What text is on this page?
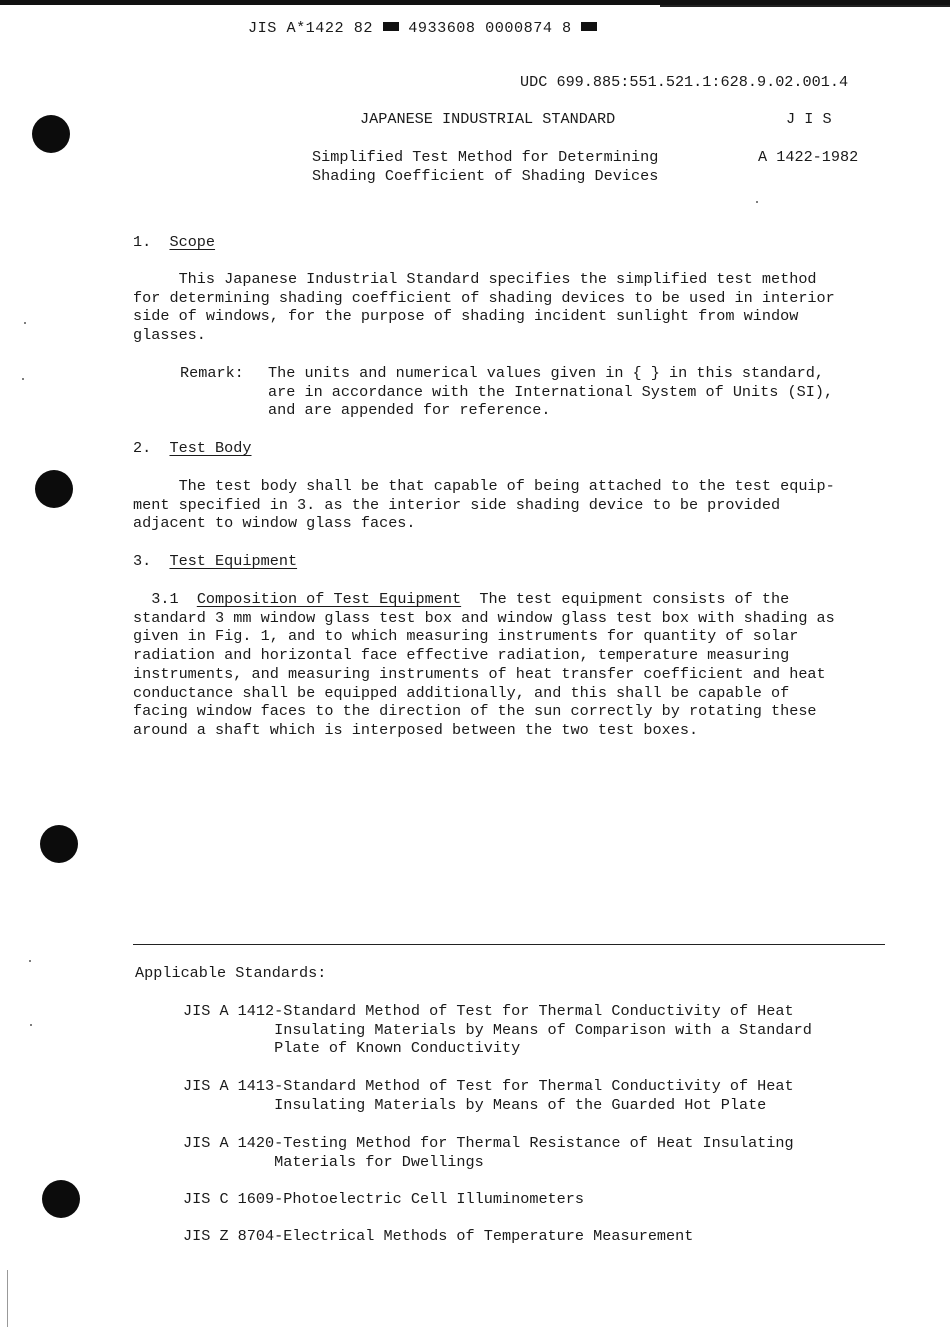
JIS A*1422 82 4933608 0000874 8
UDC 699.885:551.521.1:628.9.02.001.4
JAPANESE INDUSTRIAL STANDARD	J I S
Simplified Test Method for Determining
Shading Coefficient of Shading Devices
A 1422-1982
1. Scope
This Japanese Industrial Standard specifies the simplified test method
for determining shading coefficient of shading devices to be used in interior
side of windows, for the purpose of shading incident sunlight from window
glasses.
Remark: The units and numerical values given in { } in this standard,
are in accordance with the International System of Units (SI),
and are appended for reference.
2. Test Body
The test body shall be that capable of being attached to the test equip-
ment specified in 3. as the interior side shading device to be provided
adjacent to window glass faces.
3. Test Equipment
3.1 Composition of Test Equipment The test equipment consists of the
standard 3 mm window glass test box and window glass test box with shading as
given in Fig. 1, and to which measuring instruments for quantity of solar
radiation and horizontal face effective radiation, temperature measuring
instruments, and measuring instruments of heat transfer coefficient and heat
conductance shall be equipped additionally, and this shall be capable of
facing window faces to the direction of the sun correctly by rotating these
around a shaft which is interposed between the two test boxes.
Applicable Standards:
JIS A 1412-Standard Method of Test for Thermal Conductivity of Heat
Insulating Materials by Means of Comparison with a Standard
Plate of Known Conductivity
JIS A 1413-Standard Method of Test for Thermal Conductivity of Heat
Insulating Materials by Means of the Guarded Hot Plate
JIS A 1420-Testing Method for Thermal Resistance of Heat Insulating
Materials for Dwellings
JIS C 1609-Photoelectric Cell Illuminometers
JIS Z 8704-Electrical Methods of Temperature Measurement
